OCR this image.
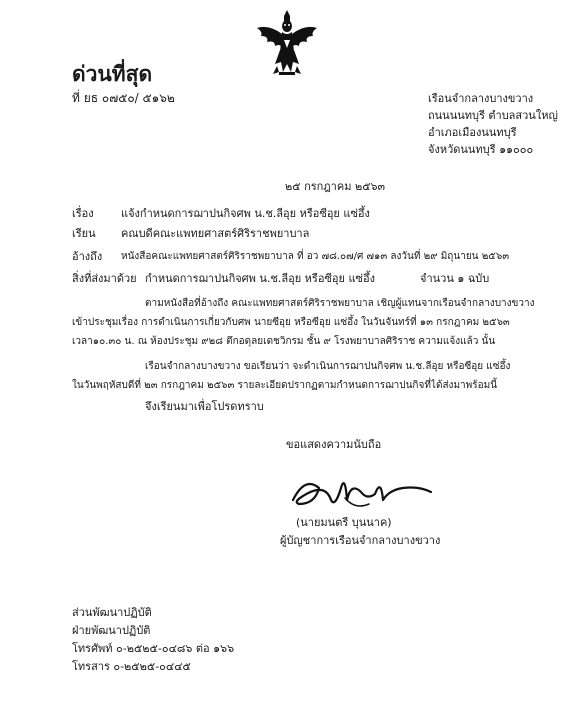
ด่วนที่สุด
ที่ ยธ ๐๗๕๐/ ๕๑๖๒	เรือนจำกลางบางขวาง
ถนนนนทบุรี ตำบลสวนใหญ่
อำเภอเมืองนนทบุรี
จังหวัดนนทบุรี ๑๑๐๐๐
๒๕ กรกฎาคม ๒๕๖๓
เรื่อง แจ้งกำหนดการฌาปนกิจศพ น.ช.ลีอุย หรือซีอุย แซ่อึ้ง
เรียน คณบดีคณะแพทยศาสตร์ศิริราชพยาบาล
อ้างถึง หนังสือคณะแพทยศาสตร์ศิริราชพยาบาล ที่ อว ๗๘.๐๗/ศ ๗๑๓ ลงวันที่ ๒๙ มิถุนายน ๒๕๖๓
สิ่งที่ส่งมาด้วย กำหนดการฌาปนกิจศพ น.ช.ลีอุย หรือซีอุย แซ่อึ้ง	จำนวน ๑ ฉบับ
ตามหนังสือที่อ้างถึง คณะแพทยศาสตร์ศิริราชพยาบาล เชิญผู้แทนจากเรือนจำกลางบางขวาง
เข้าประชุมเรื่อง การดำเนินการเกี่ยวกับศพ นายซีอุย หรือซีอุย แซ่อึ้ง ในวันจันทร์ที่ ๑๓ กรกฎาคม ๒๕๖๓
เวลา๑๐.๓๐ น. ณ ห้องประชุม ๙๒๘ ตึกอดุลยเดชวิกรม ชั้น ๙ โรงพยาบาลศิริราช ความแจ้งแล้ว นั้น
เรือนจำกลางบางขวาง ขอเรียนว่า จะดำเนินการฌาปนกิจศพ น.ช.ลีอุย หรือซีอุย แซ่อึ้ง
ในวันพฤหัสบดีที่ ๒๓ กรกฎาคม ๒๕๖๓ รายละเอียดปรากฏตามกำหนดการฌาปนกิจที่ได้ส่งมาพร้อมนี้
จึงเรียนมาเพื่อโปรดทราบ
ขอแสดงความนับถือ
(นายมนตรี บุนนาค)
ผู้บัญชาการเรือนจำกลางบางขวาง
ส่วนพัฒนาปฏิบัติ
ฝ่ายพัฒนาปฏิบัติ
โทรศัพท์ ๐-๒๕๒๕-๐๔๘๖ ต่อ ๑๖๖
โทรสาร ๐-๒๕๒๕-๐๔๔๕
